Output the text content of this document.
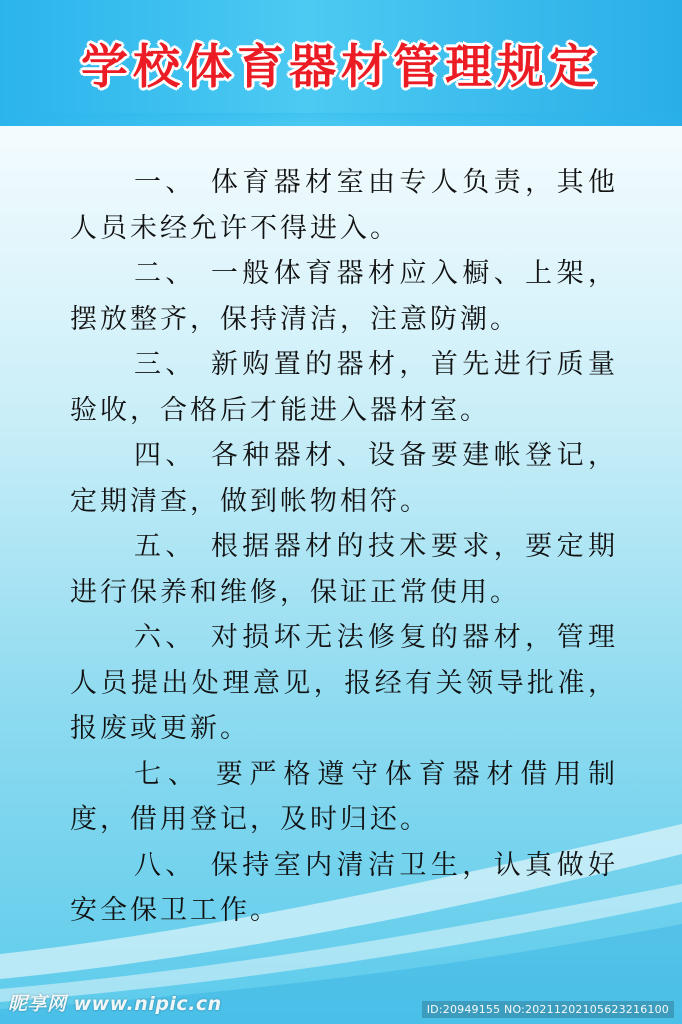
学校体育器材管理规定

一、 体育器材室由专人负责，其他人员未经允许不得进入。

二、 一般体育器材应入橱、上架，摆放整齐，保持清洁，注意防潮。

三、 新购置的器材，首先进行质量验收，合格后才能进入器材室。

四、 各种器材、设备要建帐登记，定期清查，做到帐物相符。

五、 根据器材的技术要求，要定期进行保养和维修，保证正常使用。

六、 对损坏无法修复的器材，管理人员提出处理意见，报经有关领导批准，报废或更新。

七、 要严格遵守体育器材借用制度，借用登记，及时归还。

八、 保持室内清洁卫生，认真做好安全保卫工作。

昵享网 www.nipic.cn	ID:20949155 NO:20211202105623216100
